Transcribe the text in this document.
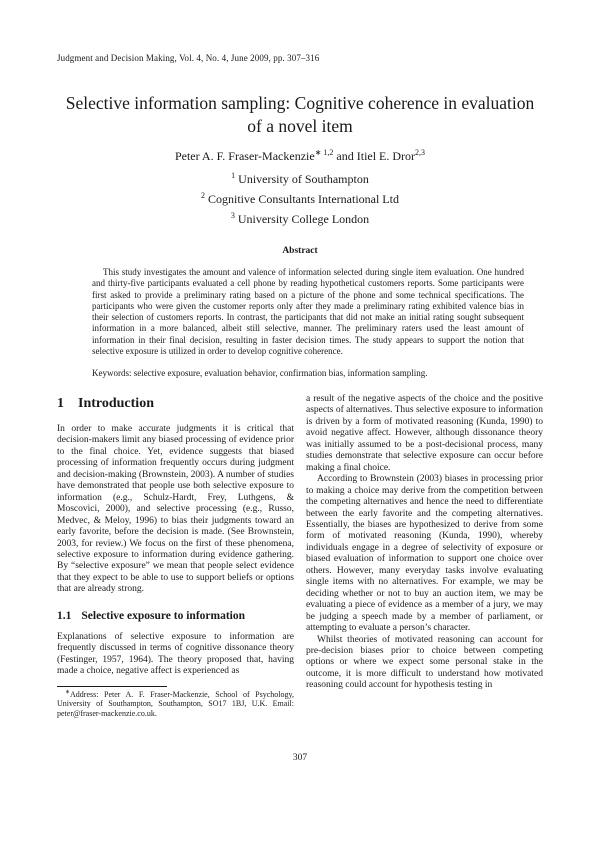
Judgment and Decision Making, Vol. 4, No. 4, June 2009, pp. 307–316
Selective information sampling: Cognitive coherence in evaluation
of a novel item
Peter A. F. Fraser-Mackenzie$^{∗ 1,2}$ and Itiel E. Dror$^{2,3}$
$^1$ University of Southampton
$^2$ Cognitive Consultants International Ltd
$^3$ University College London
Abstract

This study investigates the amount and valence of information selected during single item evaluation. One hundred and thirty-five participants evaluated a cell phone by reading hypothetical customers reports. Some participants were first asked to provide a preliminary rating based on a picture of the phone and some technical specifications. The participants who were given the customer reports only after they made a preliminary rating exhibited valence bias in their selection of customers reports. In contrast, the participants that did not make an initial rating sought subsequent information in a more balanced, albeit still selective, manner. The preliminary raters used the least amount of information in their final decision, resulting in faster decision times. The study appears to support the notion that selective exposure is utilized in order to develop cognitive coherence.

Keywords: selective exposure, evaluation behavior, confirmation bias, information sampling.
1 Introduction

In order to make accurate judgments it is critical that decision-makers limit any biased processing of evidence prior to the final choice. Yet, evidence suggests that biased processing of information frequently occurs during judgment and decision-making (Brownstein, 2003). A number of studies have demonstrated that people use both selective exposure to information (e.g., Schulz-Hardt, Frey, Luthgens, & Moscovici, 2000), and selective processing (e.g., Russo, Medvec, & Meloy, 1996) to bias their judgments toward an early favorite, before the decision is made. (See Brownstein, 2003, for review.) We focus on the first of these phenomena, selective exposure to information during evidence gathering. By “selective exposure” we mean that people select evidence that they expect to be able to use to support beliefs or options that are already strong.

1.1 Selective exposure to information

Explanations of selective exposure to information are frequently discussed in terms of cognitive dissonance theory (Festinger, 1957, 1964). The theory proposed that, having made a choice, negative affect is experienced as

∗Address: Peter A. F. Fraser-Mackenzie, School of Psychology, University of Southampton, Southampton, SO17 1BJ, U.K. Email: peter@fraser-mackenzie.co.uk.

a result of the negative aspects of the choice and the positive aspects of alternatives. Thus selective exposure to information is driven by a form of motivated reasoning (Kunda, 1990) to avoid negative affect. However, although dissonance theory was initially assumed to be a post-decisional process, many studies demonstrate that selective exposure can occur before making a final choice.

According to Brownstein (2003) biases in processing prior to making a choice may derive from the competition between the competing alternatives and hence the need to differentiate between the early favorite and the competing alternatives. Essentially, the biases are hypothesized to derive from some form of motivated reasoning (Kunda, 1990), whereby individuals engage in a degree of selectivity of exposure or biased evaluation of information to support one choice over others. However, many everyday tasks involve evaluating single items with no alternatives. For example, we may be deciding whether or not to buy an auction item, we may be evaluating a piece of evidence as a member of a jury, we may be judging a speech made by a member of parliament, or attempting to evaluate a person’s character.

Whilst theories of motivated reasoning can account for pre-decision biases prior to choice between competing options or where we expect some personal stake in the outcome, it is more difficult to understand how motivated reasoning could account for hypothesis testing in

307
